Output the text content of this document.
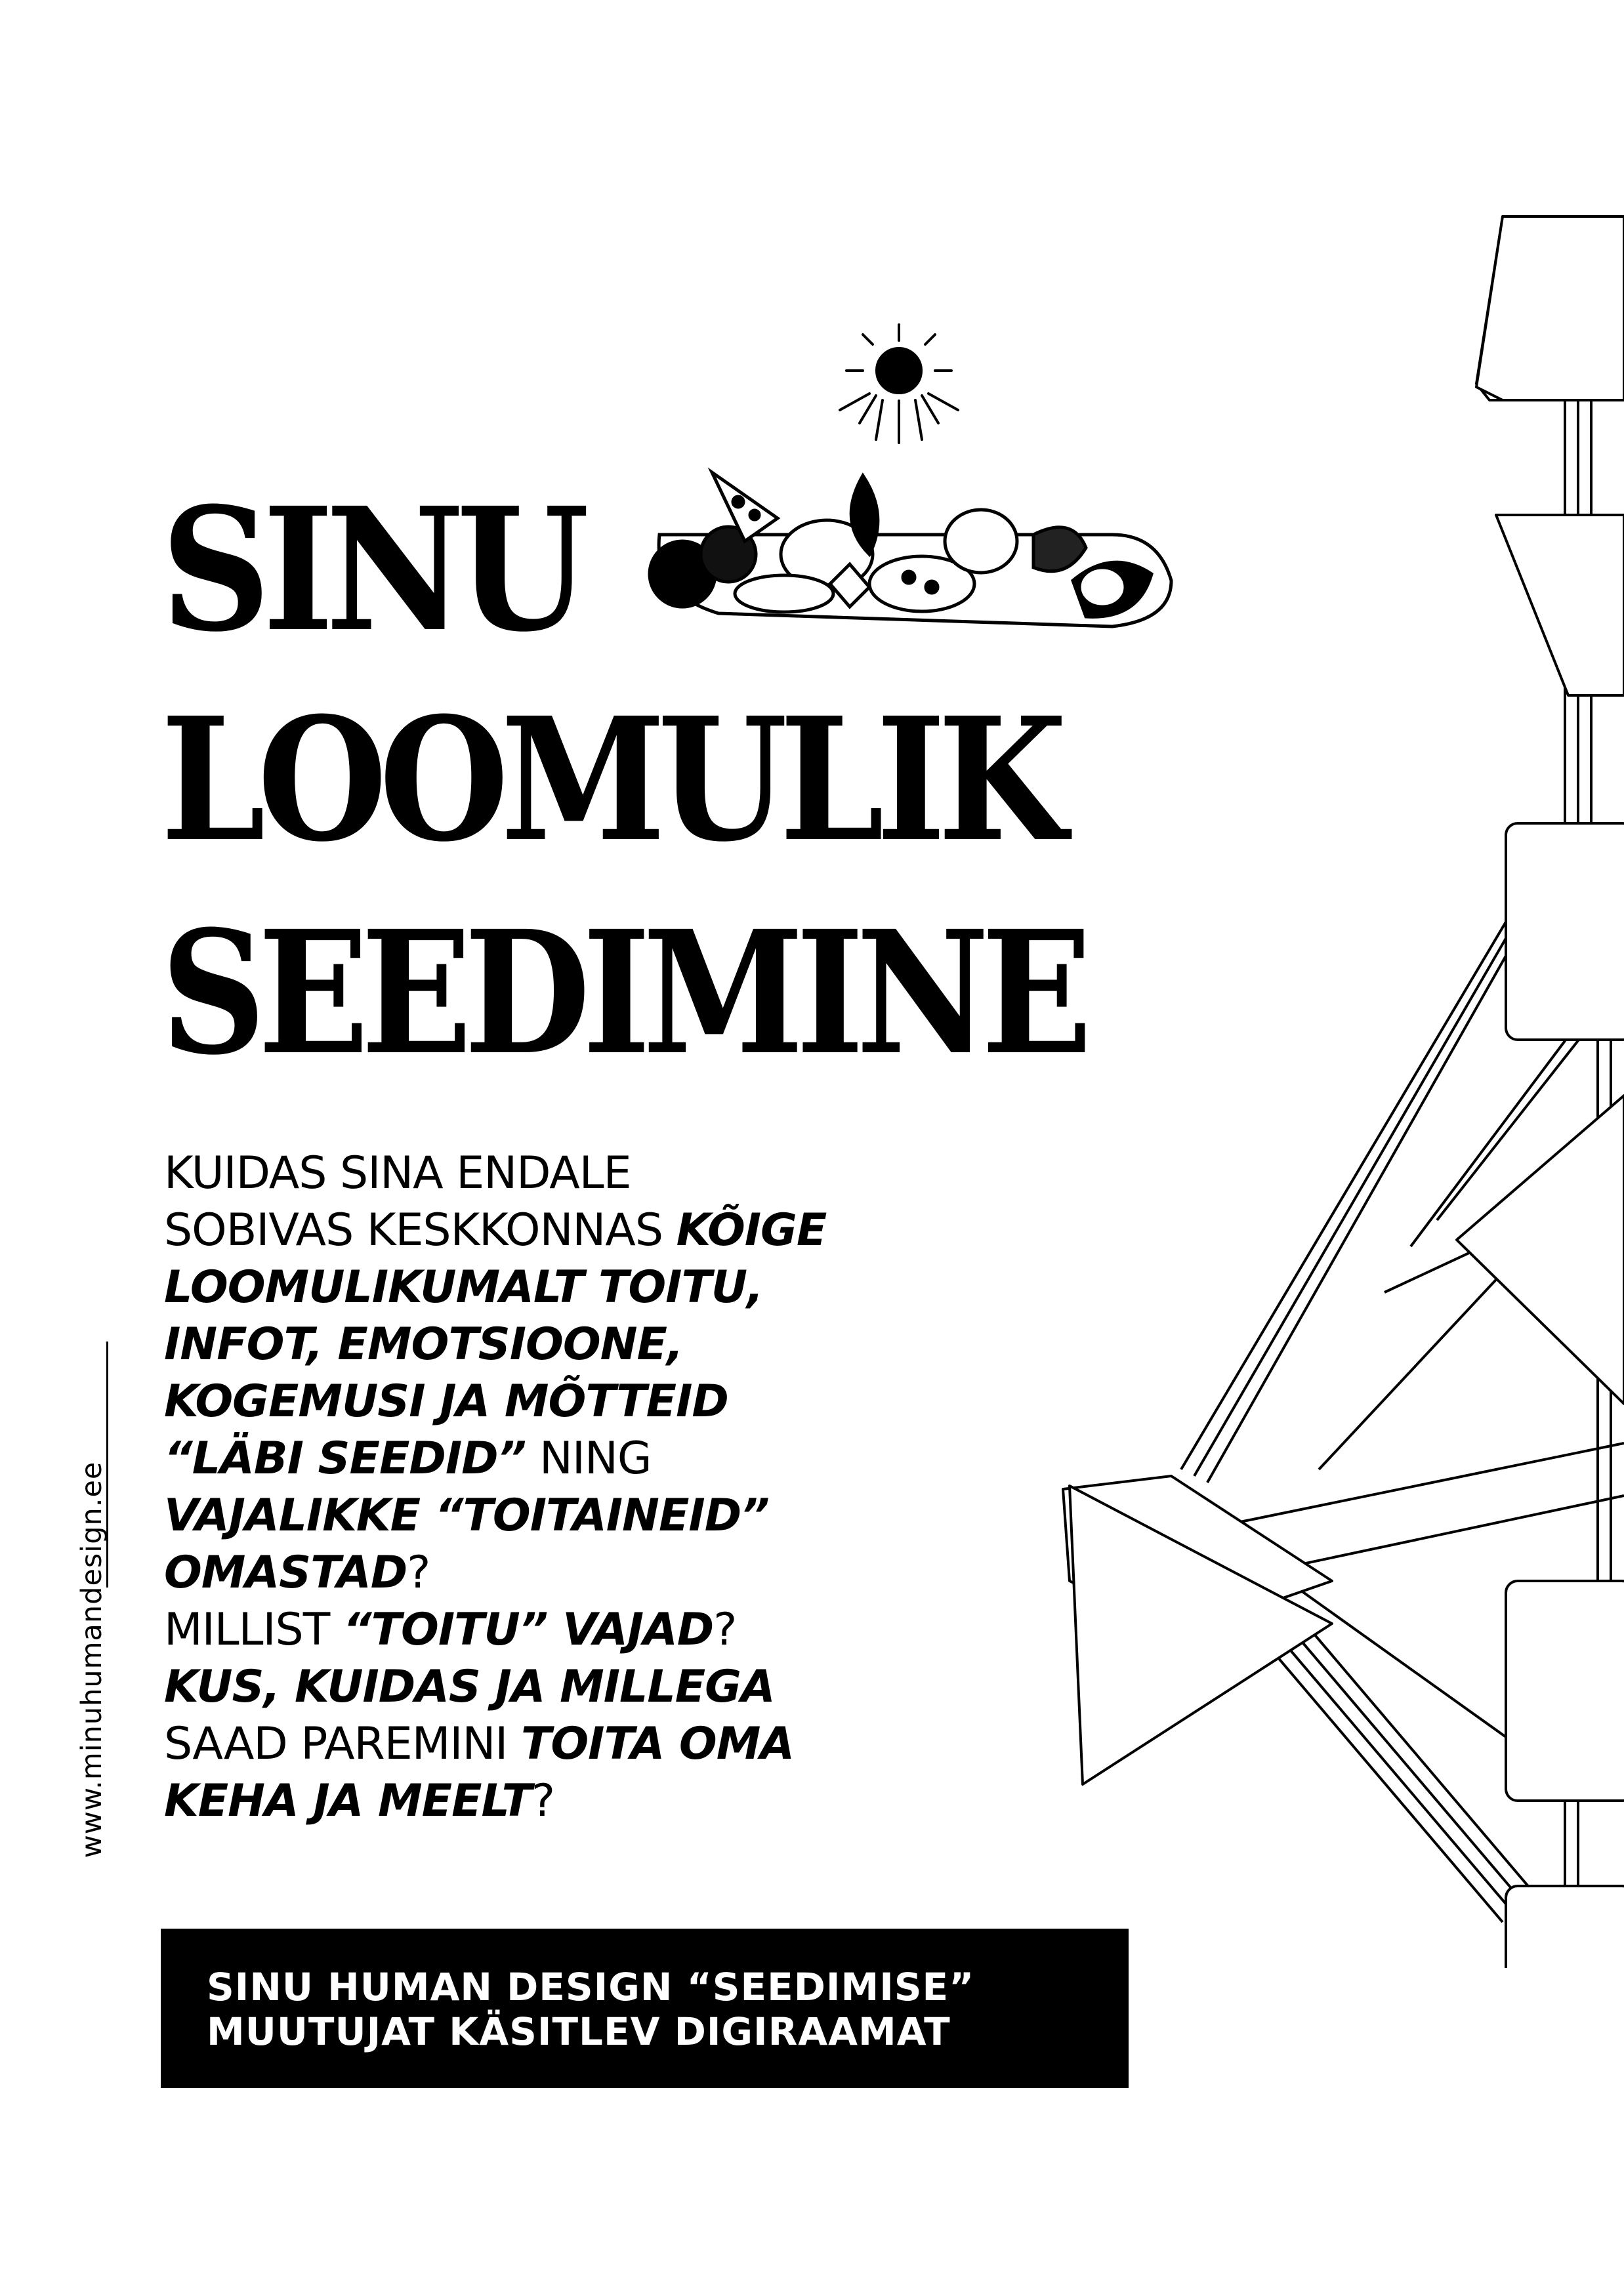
SINU
LOOMULIK
SEEDIMINE
KUIDAS SINA ENDALE
SOBIVAS KESKKONNAS KÕIGE
LOOMULIKUMALT TOITU,
INFOT, EMOTSIOONE,
KOGEMUSI JA MÕTTEID
“LÄBI SEEDID” NING
VAJALIKKE “TOITAINEID”
OMASTAD?
MILLIST “TOITU” VAJAD?
KUS, KUIDAS JA MILLEGA
SAAD PAREMINI TOITA OMA
KEHA JA MEELT?
www.minuhumandesign.ee
SINU HUMAN DESIGN “SEEDIMISE”
MUUTUJAT KÄSITLEV DIGIRAAMAT
